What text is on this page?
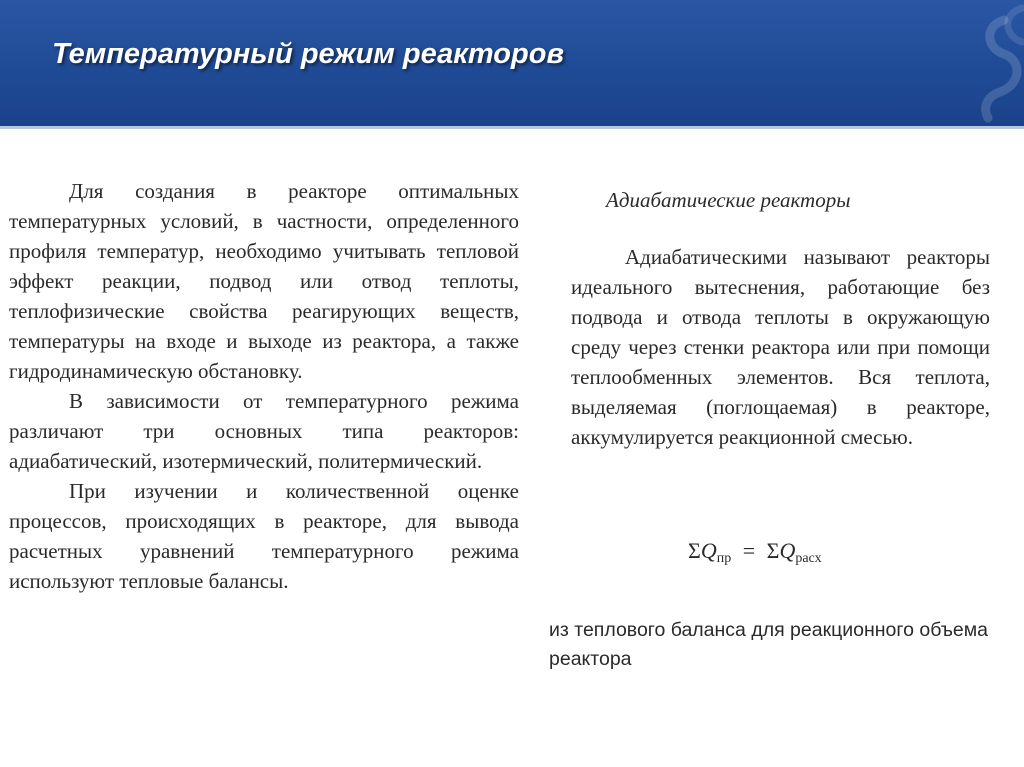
Температурный режим реакторов

Для создания в реакторе оптимальных температурных условий, в частности, определенного профиля температур, необходимо учитывать тепловой эффект реакции, подвод или отвод теплоты, теплофизические свойства реагирующих веществ, температуры на входе и выходе из реактора, а также гидродинамическую обстановку.

В зависимости от температурного режима различают три основных типа реакторов: адиабатический, изотермический, политермический.

При изучении и количественной оценке процессов, происходящих в реакторе, для вывода расчетных уравнений температурного режима используют тепловые балансы.

Адиабатические реакторы

Адиабатическими называют реакторы идеального вытеснения, работающие без подвода и отвода теплоты в окружающую среду через стенки реактора или при помощи теплообменных элементов. Вся теплота, выделяемая (поглощаемая) в реакторе, аккумулируется реакционной смесью.

$\Sigma Q_{пр} = \Sigma Q_{расх}$
из теплового баланса для реакционного объема реактора
